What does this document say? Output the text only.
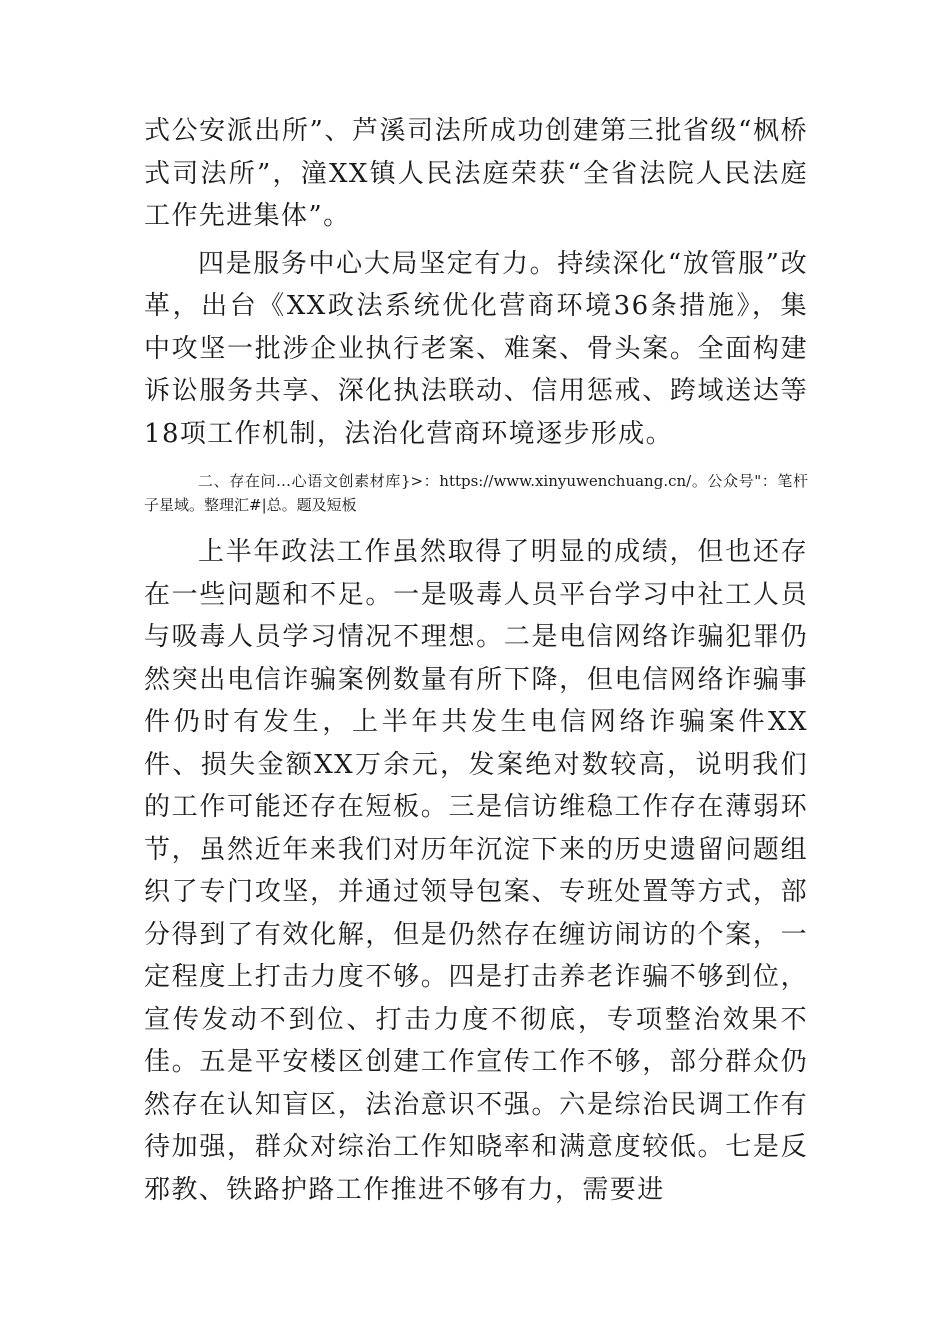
式公安派出所”、芦溪司法所成功创建第三批省级“枫桥式司法所”，潼XX镇人民法庭荣获“全省法院人民法庭工作先进集体”。

四是服务中心大局坚定有力。持续深化“放管服”改革，出台《XX政法系统优化营商环境36条措施》，集中攻坚一批涉企业执行老案、难案、骨头案。全面构建诉讼服务共享、深化执法联动、信用惩戒、跨域送达等18项工作机制，法治化营商环境逐步形成。

二、存在问…心语文创素材库}>：https://www.xinyuwenchuang.cn/。公众号"：笔杆子星域。整理汇#|总。题及短板

上半年政法工作虽然取得了明显的成绩，但也还存在一些问题和不足。一是吸毒人员平台学习中社工人员与吸毒人员学习情况不理想。二是电信网络诈骗犯罪仍然突出电信诈骗案例数量有所下降，但电信网络诈骗事件仍时有发生，上半年共发生电信网络诈骗案件XX件、损失金额XX万余元，发案绝对数较高，说明我们的工作可能还存在短板。三是信访维稳工作存在薄弱环节，虽然近年来我们对历年沉淀下来的历史遗留问题组织了专门攻坚，并通过领导包案、专班处置等方式，部分得到了有效化解，但是仍然存在缠访闹访的个案，一定程度上打击力度不够。四是打击养老诈骗不够到位，宣传发动不到位、打击力度不彻底，专项整治效果不佳。五是平安楼区创建工作宣传工作不够，部分群众仍然存在认知盲区，法治意识不强。六是综治民调工作有待加强，群众对综治工作知晓率和满意度较低。七是反邪教、铁路护路工作推进不够有力，需要进
